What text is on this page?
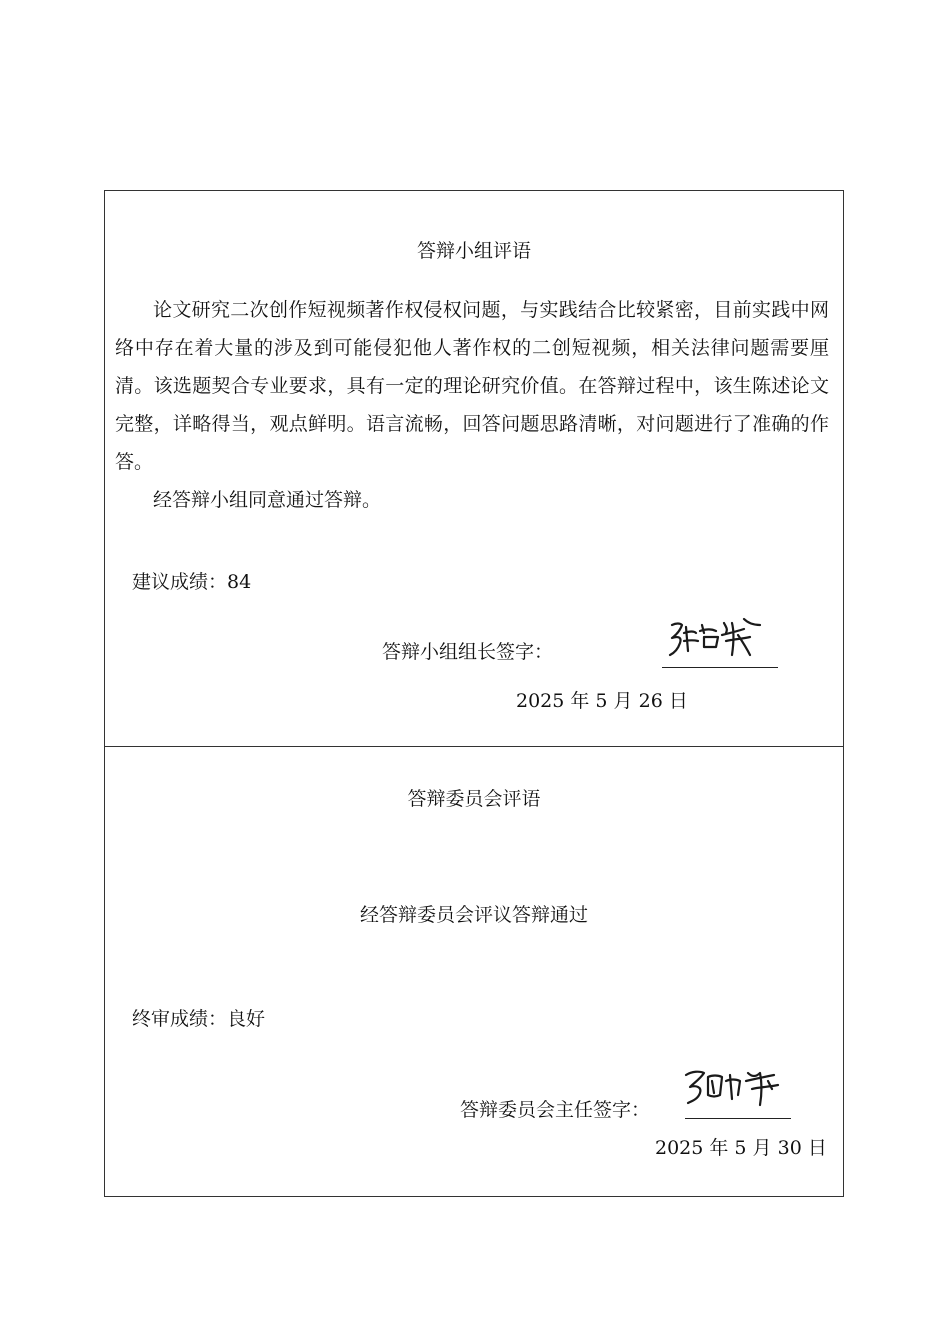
答辩小组评语

论文研究二次创作短视频著作权侵权问题，与实践结合比较紧密，目前实践中网络中存在着大量的涉及到可能侵犯他人著作权的二创短视频，相关法律问题需要厘清。该选题契合专业要求，具有一定的理论研究价值。在答辩过程中，该生陈述论文完整，详略得当，观点鲜明。语言流畅，回答问题思路清晰，对问题进行了准确的作答。

经答辩小组同意通过答辩。

建议成绩：84
答辩小组组长签字：
2025 年 5 月 26 日
答辩委员会评语
经答辩委员会评议答辩通过
终审成绩：良好
答辩委员会主任签字：
2025 年 5 月 30 日
